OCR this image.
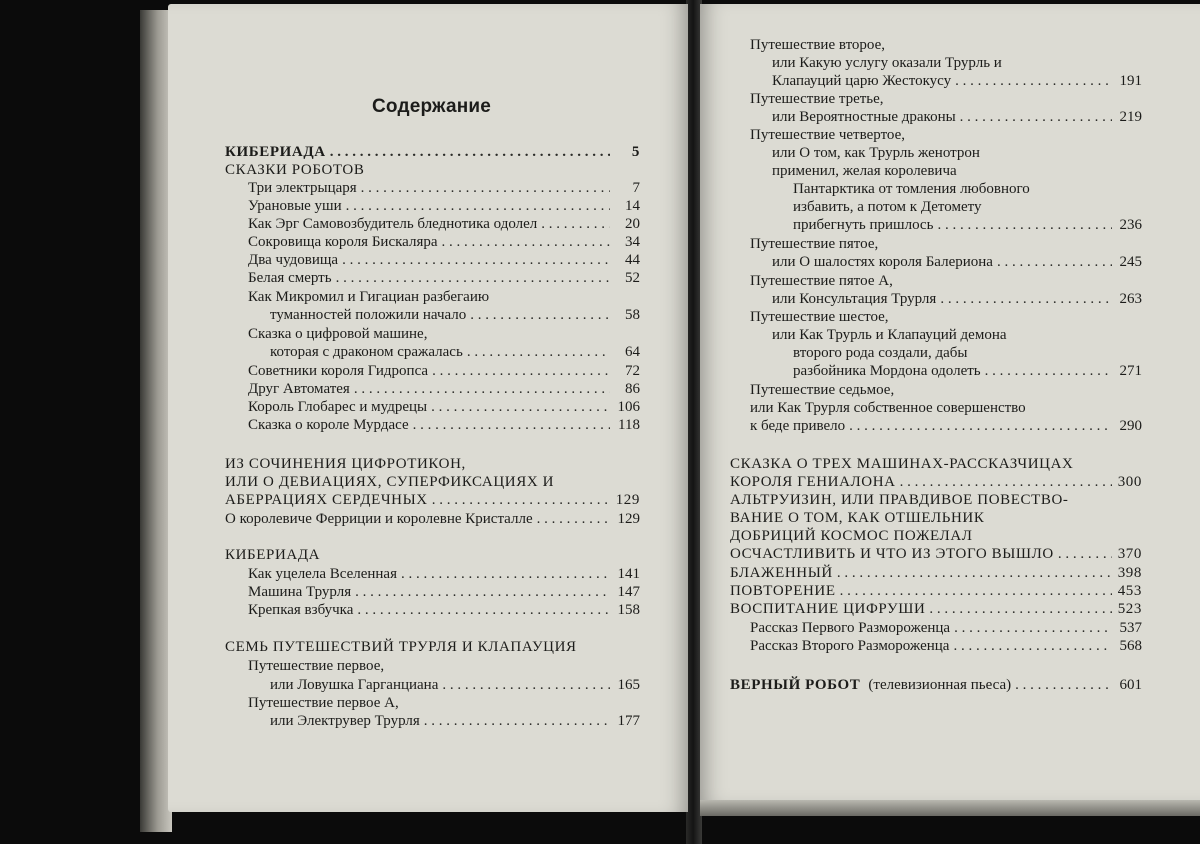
Содержание
КИБЕРИАДА . . .	5
СКАЗКИ РОБОТОВ
Три электрыцаря . . .	7
Урановые уши . . .	14
Как Эрг Самовозбудитель бледнотика одолел . . .	20
Сокровища короля Бискаляра . . .	34
Два чудовища . . .	44
Белая смерть . . .	52
Как Микромил и Гигациан разбегаию
туманностей положили начало . . .	58
Сказка о цифровой машине,
которая с драконом сражалась . . .	64
Советники короля Гидропса . . .	72
Друг Автоматея . . .	86
Король Глобарес и мудрецы . . .	106
Сказка о короле Мурдасе . . .	118
ИЗ СОЧИНЕНИЯ ЦИФРОТИКОН,
ИЛИ О ДЕВИАЦИЯХ, СУПЕРФИКСАЦИЯХ И
АБЕРРАЦИЯХ СЕРДЕЧНЫХ . . .	129
О королевиче Ферриции и королевне Кристалле . . .	129
КИБЕРИАДА
Как уцелела Вселенная . . .	141
Машина Трурля . . .	147
Крепкая взбучка . . .	158
СЕМЬ ПУТЕШЕСТВИЙ ТРУРЛЯ И КЛАПАУЦИЯ
Путешествие первое,
или Ловушка Гарганциана . . .	165
Путешествие первое А,
или Электрувер Трурля . . .	177
Путешествие второе,
или Какую услугу оказали Трурль и
Клапауций царю Жестокусу . . .	191
Путешествие третье,
или Вероятностные драконы . . .	219
Путешествие четвертое,
или О том, как Трурль женотрон
применил, желая королевича
Пантарктика от томления любовного
избавить, а потом к Детомету
прибегнуть пришлось . . .	236
Путешествие пятое,
или О шалостях короля Балериона . . .	245
Путешествие пятое А,
или Консультация Трурля . . .	263
Путешествие шестое,
или Как Трурль и Клапауций демона
второго рода создали, дабы
разбойника Мордона одолеть . . .	271
Путешествие седьмое,
или Как Трурля собственное совершенство
к беде привело . . .	290
СКАЗКА О ТРЕХ МАШИНАХ-РАССКАЗЧИЦАХ
КОРОЛЯ ГЕНИАЛОНА . . .	300
АЛЬТРУИЗИН, ИЛИ ПРАВДИВОЕ ПОВЕСТВО-
ВАНИЕ О ТОМ, КАК ОТШЕЛЬНИК
ДОБРИЦИЙ КОСМОС ПОЖЕЛАЛ
ОСЧАСТЛИВИТЬ И ЧТО ИЗ ЭТОГО ВЫШЛО . . .	370
БЛАЖЕННЫЙ . . .	398
ПОВТОРЕНИЕ . . .	453
ВОСПИТАНИЕ ЦИФРУШИ . . .	523
Рассказ Первого Размороженца . . .	537
Рассказ Второго Размороженца . . .	568
ВЕРНЫЙ РОБОТ (телевизионная пьеса) . . .	601
